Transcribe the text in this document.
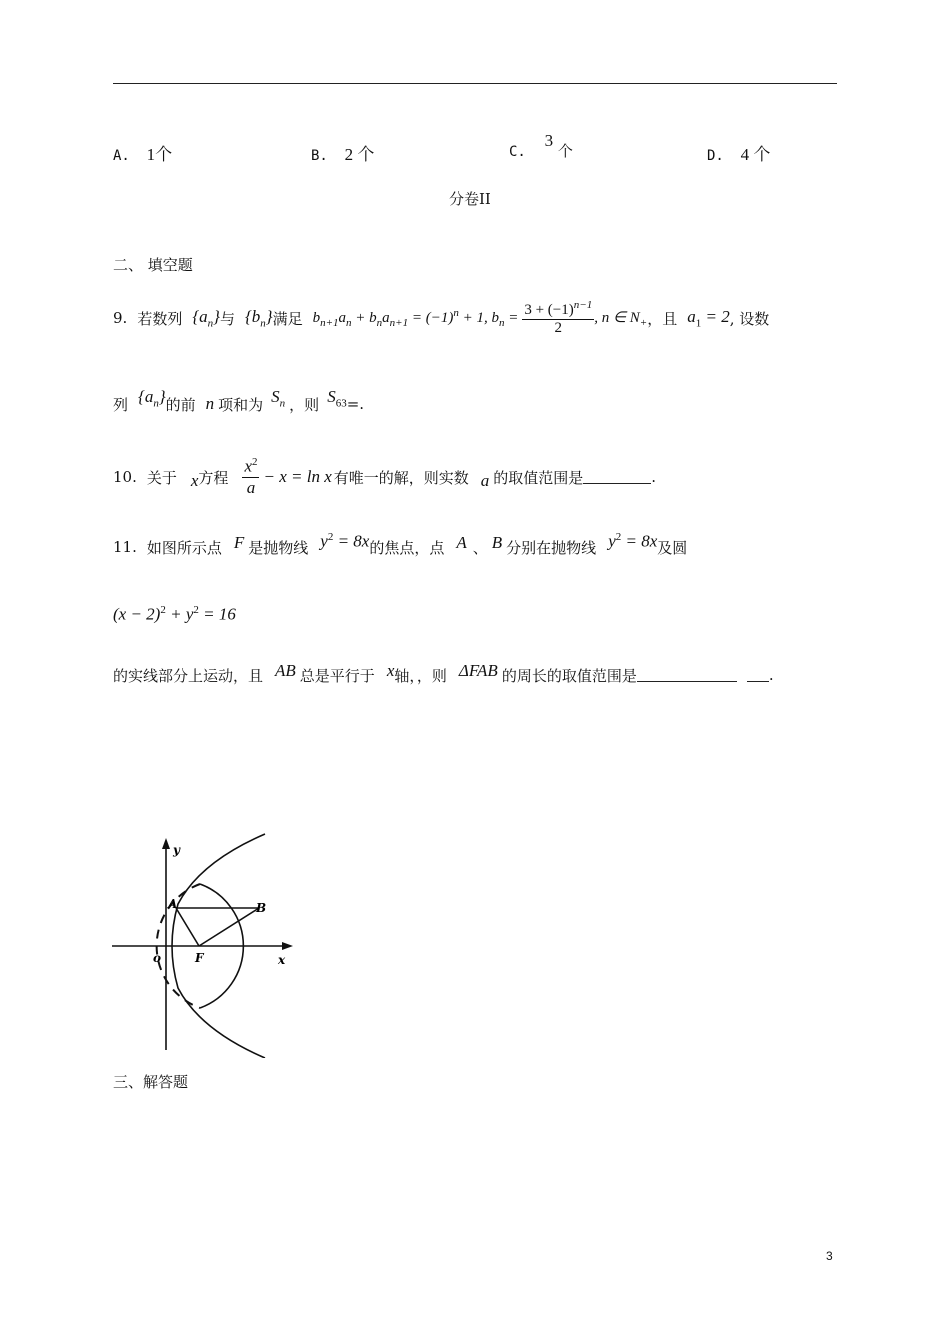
A. 1个	B. 2 个	C. 3 个	D. 4 个
分卷II
二、 填空题
9. 若数列 $\{a_n\}$ 与 $\{b_n\}$ 满足 $b_{n+1}a_n + b_na_{n+1} = (-1)^n + 1$, $b_n = \frac{3 + (-1)^{n-1}}{2}$ , n ∈ $N_+$ ，且 $a_1 = 2$ , 设数
列 $\{a_n\}$ 的前 n 项和为 $S_n$ ，则 $S_{63}$ =.
10. 关于 x 方程 $\frac{x^2}{a} - x = \ln x$ 有唯一的解，则实数 a 的取值范围是	.
11. 如图所示点 F 是抛物线 $y^2 = 8x$ 的焦点，点 A 、 B 分别在抛物线 $y^2 = 8x$ 及圆
$(x - 2)^2 + y^2 = 16$
的实线部分上运动，且 AB 总是平行于 x 轴，，则 ΔFAB 的周长的取值范围是	.
y
x
o	F
A	B
三、解答题
3
